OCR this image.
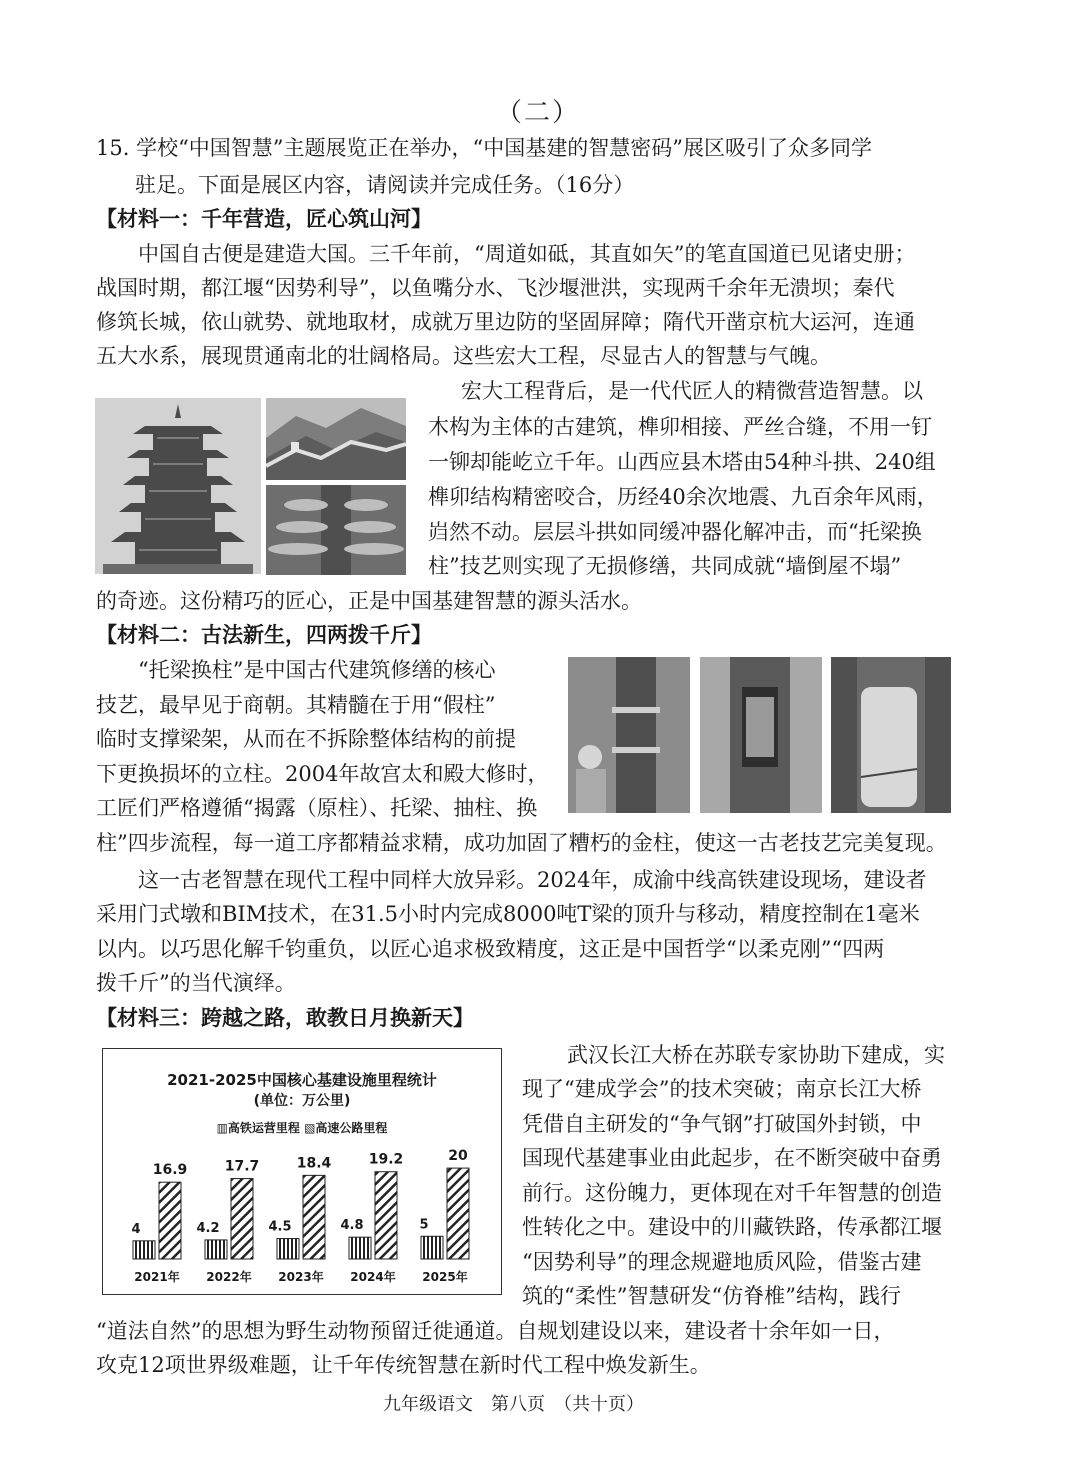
（二）
15. 学校“中国智慧”主题展览正在举办，“中国基建的智慧密码”展区吸引了众多同学
驻足。下面是展区内容，请阅读并完成任务。（16分）
【材料一：千年营造，匠心筑山河】
中国自古便是建造大国。三千年前，“周道如砥，其直如矢”的笔直国道已见诸史册；
战国时期，都江堰“因势利导”，以鱼嘴分水、飞沙堰泄洪，实现两千余年无溃坝；秦代
修筑长城，依山就势、就地取材，成就万里边防的坚固屏障；隋代开凿京杭大运河，连通
五大水系，展现贯通南北的壮阔格局。这些宏大工程，尽显古人的智慧与气魄。
宏大工程背后，是一代代匠人的精微营造智慧。以
木构为主体的古建筑，榫卯相接、严丝合缝，不用一钉
一铆却能屹立千年。山西应县木塔由54种斗拱、240组
榫卯结构精密咬合，历经40余次地震、九百余年风雨，
岿然不动。层层斗拱如同缓冲器化解冲击，而“托梁换
柱”技艺则实现了无损修缮，共同成就“墙倒屋不塌”
的奇迹。这份精巧的匠心，正是中国基建智慧的源头活水。
【材料二：古法新生，四两拨千斤】
“托梁换柱”是中国古代建筑修缮的核心
技艺，最早见于商朝。其精髓在于用“假柱”
临时支撑梁架，从而在不拆除整体结构的前提
下更换损坏的立柱。2004年故宫太和殿大修时，
工匠们严格遵循“揭露（原柱）、托梁、抽柱、换
柱”四步流程，每一道工序都精益求精，成功加固了糟朽的金柱，使这一古老技艺完美复现。
这一古老智慧在现代工程中同样大放异彩。2024年，成渝中线高铁建设现场，建设者
采用门式墩和BIM技术，在31.5小时内完成8000吨T梁的顶升与移动，精度控制在1毫米
以内。以巧思化解千钧重负，以匠心追求极致精度，这正是中国哲学“以柔克刚”“四两
拨千斤”的当代演绎。
【材料三：跨越之路，敢教日月换新天】
2021-2025中国核心基建设施里程统计
(单位：万公里)
▥高铁运营里程 ▧高速公路里程
4
16.9
2021年
4.2
17.7
2022年
4.5
18.4
2023年
4.8
19.2
2024年
5
20
2025年
武汉长江大桥在苏联专家协助下建成，实
现了“建成学会”的技术突破；南京长江大桥
凭借自主研发的“争气钢”打破国外封锁，中
国现代基建事业由此起步，在不断突破中奋勇
前行。这份魄力，更体现在对千年智慧的创造
性转化之中。建设中的川藏铁路，传承都江堰
“因势利导”的理念规避地质风险，借鉴古建
筑的“柔性”智慧研发“仿脊椎”结构，践行
“道法自然”的思想为野生动物预留迁徙通道。自规划建设以来，建设者十余年如一日，
攻克12项世界级难题，让千年传统智慧在新时代工程中焕发新生。
九年级语文　第八页　（共十页）
